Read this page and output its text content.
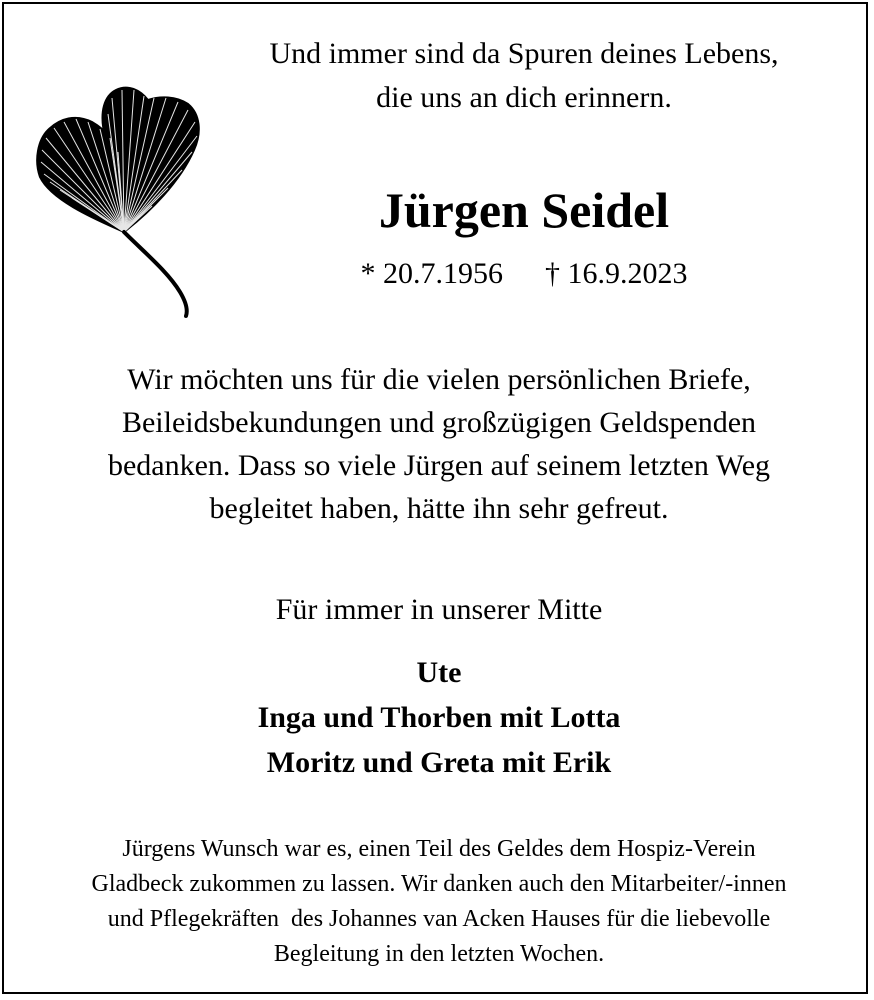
Und immer sind da Spuren deines Lebens,
die uns an dich erinnern.
Jürgen Seidel
* 20.7.1956 † 16.9.2023
Wir möchten uns für die vielen persönlichen Briefe,
Beileidsbekundungen und großzügigen Geldspenden
bedanken. Dass so viele Jürgen auf seinem letzten Weg
begleitet haben, hätte ihn sehr gefreut.
Für immer in unserer Mitte
Ute
Inga und Thorben mit Lotta
Moritz und Greta mit Erik
Jürgens Wunsch war es, einen Teil des Geldes dem Hospiz-Verein
Gladbeck zukommen zu lassen. Wir danken auch den Mitarbeiter/-innen
und Pflegekräften  des Johannes van Acken Hauses für die liebevolle
Begleitung in den letzten Wochen.
